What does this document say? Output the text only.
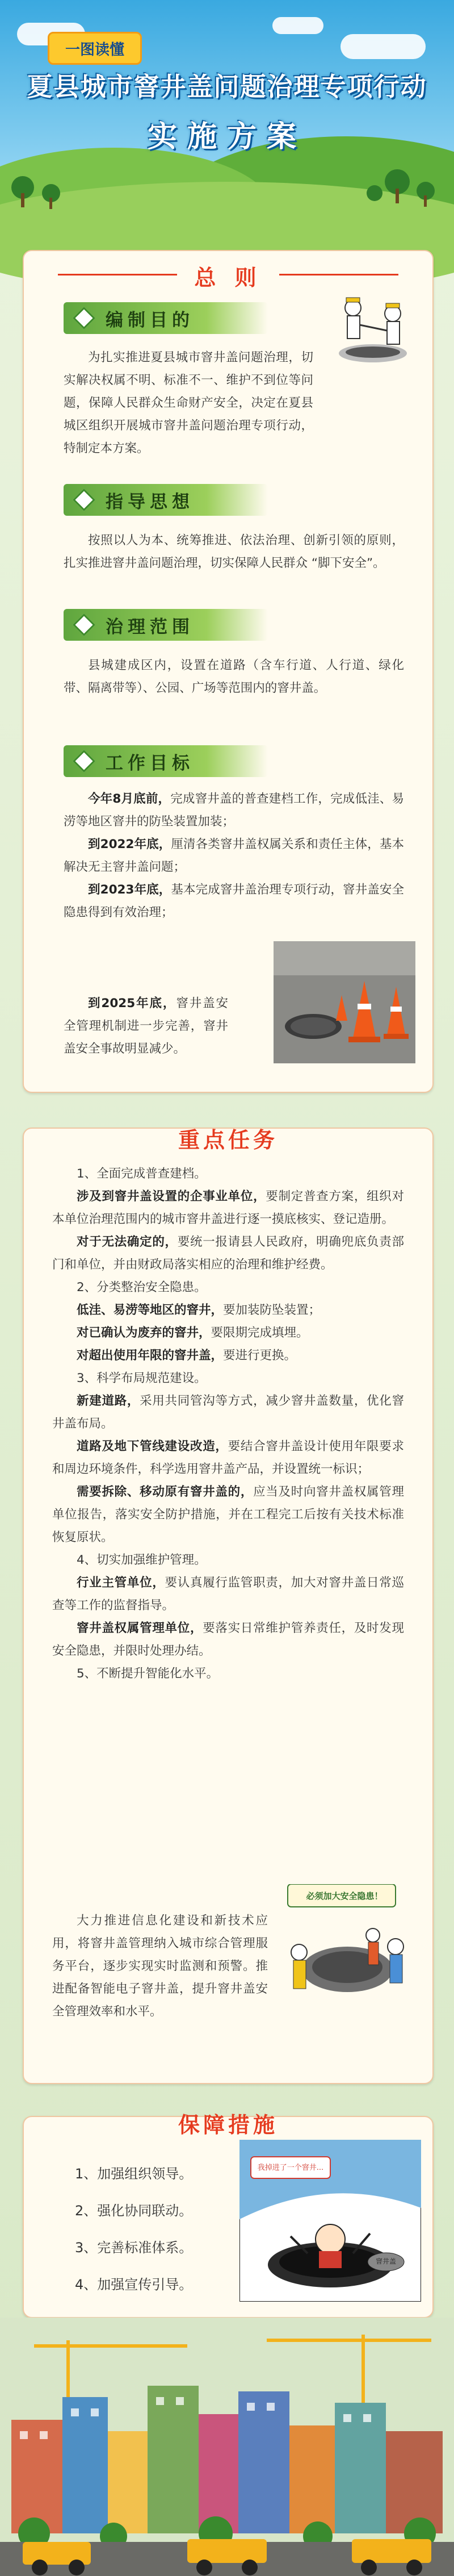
一图读懂
夏县城市窨井盖问题治理专项行动
实施方案
总 则
编制目的

为扎实推进夏县城市窨井盖问题治理，切实解决权属不明、标准不一、维护不到位等问题，保障人民群众生命财产安全，决定在夏县城区组织开展城市窨井盖问题治理专项行动，特制定本方案。

指导思想

按照以人为本、统筹推进、依法治理、创新引领的原则，扎实推进窨井盖问题治理，切实保障人民群众 “脚下安全”。

治理范围

县城建成区内，设置在道路（含车行道、人行道、绿化带、隔离带等）、公园、广场等范围内的窨井盖。

工作目标

今年8月底前，完成窨井盖的普查建档工作，完成低洼、易涝等地区窨井的防坠装置加装；

到2022年底，厘清各类窨井盖权属关系和责任主体，基本解决无主窨井盖问题；

到2023年底，基本完成窨井盖治理专项行动，窨井盖安全隐患得到有效治理；

到2025年底，窨井盖安全管理机制进一步完善，窨井盖安全事故明显减少。

重点任务

1、全面完成普查建档。

涉及到窨井盖设置的企事业单位，要制定普查方案，组织对本单位治理范围内的城市窨井盖进行逐一摸底核实、登记造册。

对于无法确定的，要统一报请县人民政府，明确兜底负责部门和单位，并由财政局落实相应的治理和维护经费。

2、分类整治安全隐患。

低洼、易涝等地区的窨井，要加装防坠装置；

对已确认为废弃的窨井，要限期完成填埋。

对超出使用年限的窨井盖，要进行更换。

3、科学布局规范建设。

新建道路，采用共同管沟等方式，减少窨井盖数量，优化窨井盖布局。

道路及地下管线建设改造，要结合窨井盖设计使用年限要求和周边环境条件，科学选用窨井盖产品，并设置统一标识；

需要拆除、移动原有窨井盖的，应当及时向窨井盖权属管理单位报告，落实安全防护措施，并在工程完工后按有关技术标准恢复原状。

4、切实加强维护管理。

行业主管单位，要认真履行监管职责，加大对窨井盖日常巡查等工作的监督指导。

窨井盖权属管理单位，要落实日常维护管养责任，及时发现安全隐患，并限时处理办结。

5、不断提升智能化水平。

大力推进信息化建设和新技术应用，将窨井盖管理纳入城市综合管理服务平台，逐步实现实时监测和预警。推进配备智能电子窨井盖，提升窨井盖安全管理效率和水平。

必须加大安全隐患！
保障措施
1、加强组织领导。
2、强化协同联动。
3、完善标准体系。
4、加强宣传引导。
我掉进了一个窨井...
窨井盖
